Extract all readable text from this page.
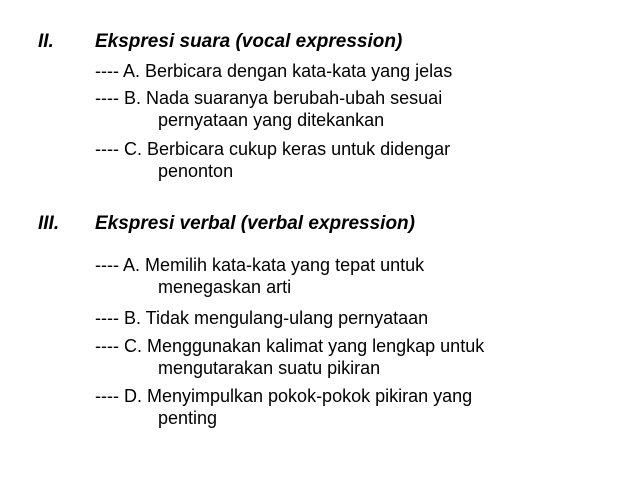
II. Ekspresi suara (vocal expression)
---- A. Berbicara dengan kata-kata yang jelas
---- B. Nada suaranya berubah-ubah sesuai
pernyataan yang ditekankan
---- C. Berbicara cukup keras untuk didengar
penonton
III. Ekspresi verbal (verbal expression)
---- A. Memilih kata-kata yang tepat untuk
menegaskan arti
---- B. Tidak mengulang-ulang pernyataan
---- C. Menggunakan kalimat yang lengkap untuk
mengutarakan suatu pikiran
---- D. Menyimpulkan pokok-pokok pikiran yang
penting
